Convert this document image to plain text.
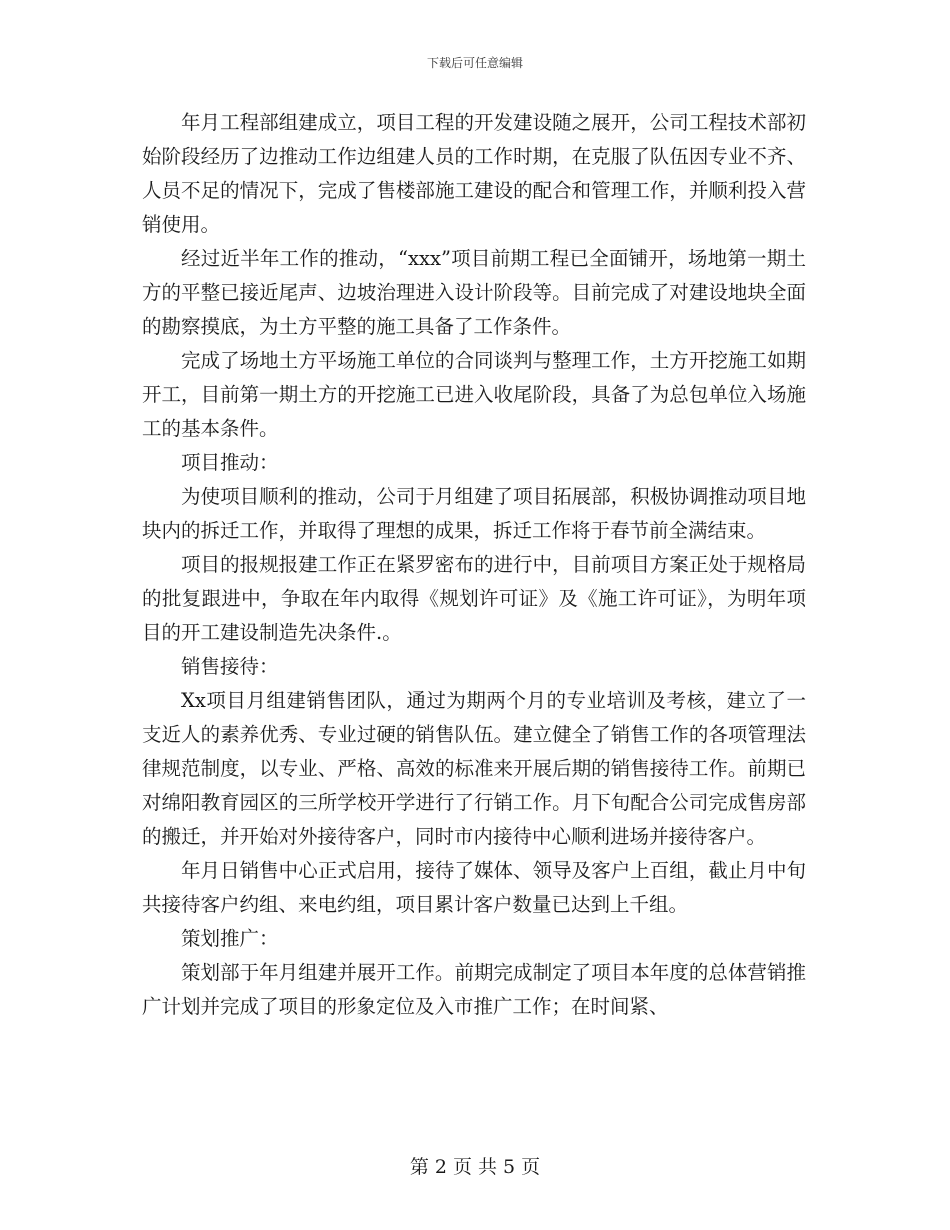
下载后可任意编辑

年月工程部组建成立，项目工程的开发建设随之展开，公司工程技术部初始阶段经历了边推动工作边组建人员的工作时期，在克服了队伍因专业不齐、人员不足的情况下，完成了售楼部施工建设的配合和管理工作，并顺利投入营销使用。

经过近半年工作的推动，“xxx”项目前期工程已全面铺开，场地第一期土方的平整已接近尾声、边坡治理进入设计阶段等。目前完成了对建设地块全面的勘察摸底，为土方平整的施工具备了工作条件。

完成了场地土方平场施工单位的合同谈判与整理工作，土方开挖施工如期开工，目前第一期土方的开挖施工已进入收尾阶段，具备了为总包单位入场施工的基本条件。

项目推动：

为使项目顺利的推动，公司于月组建了项目拓展部，积极协调推动项目地块内的拆迁工作，并取得了理想的成果，拆迁工作将于春节前全满结束。

项目的报规报建工作正在紧罗密布的进行中，目前项目方案正处于规格局的批复跟进中，争取在年内取得《规划许可证》及《施工许可证》，为明年项目的开工建设制造先决条件.。

销售接待：

Xx项目月组建销售团队，通过为期两个月的专业培训及考核，建立了一支近人的素养优秀、专业过硬的销售队伍。建立健全了销售工作的各项管理法律规范制度，以专业、严格、高效的标准来开展后期的销售接待工作。前期已对绵阳教育园区的三所学校开学进行了行销工作。月下旬配合公司完成售房部的搬迁，并开始对外接待客户，同时市内接待中心顺利进场并接待客户。

年月日销售中心正式启用，接待了媒体、领导及客户上百组，截止月中旬共接待客户约组、来电约组，项目累计客户数量已达到上千组。

策划推广：

策划部于年月组建并展开工作。前期完成制定了项目本年度的总体营销推广计划并完成了项目的形象定位及入市推广工作；在时间紧、

第 2 页 共 5 页
